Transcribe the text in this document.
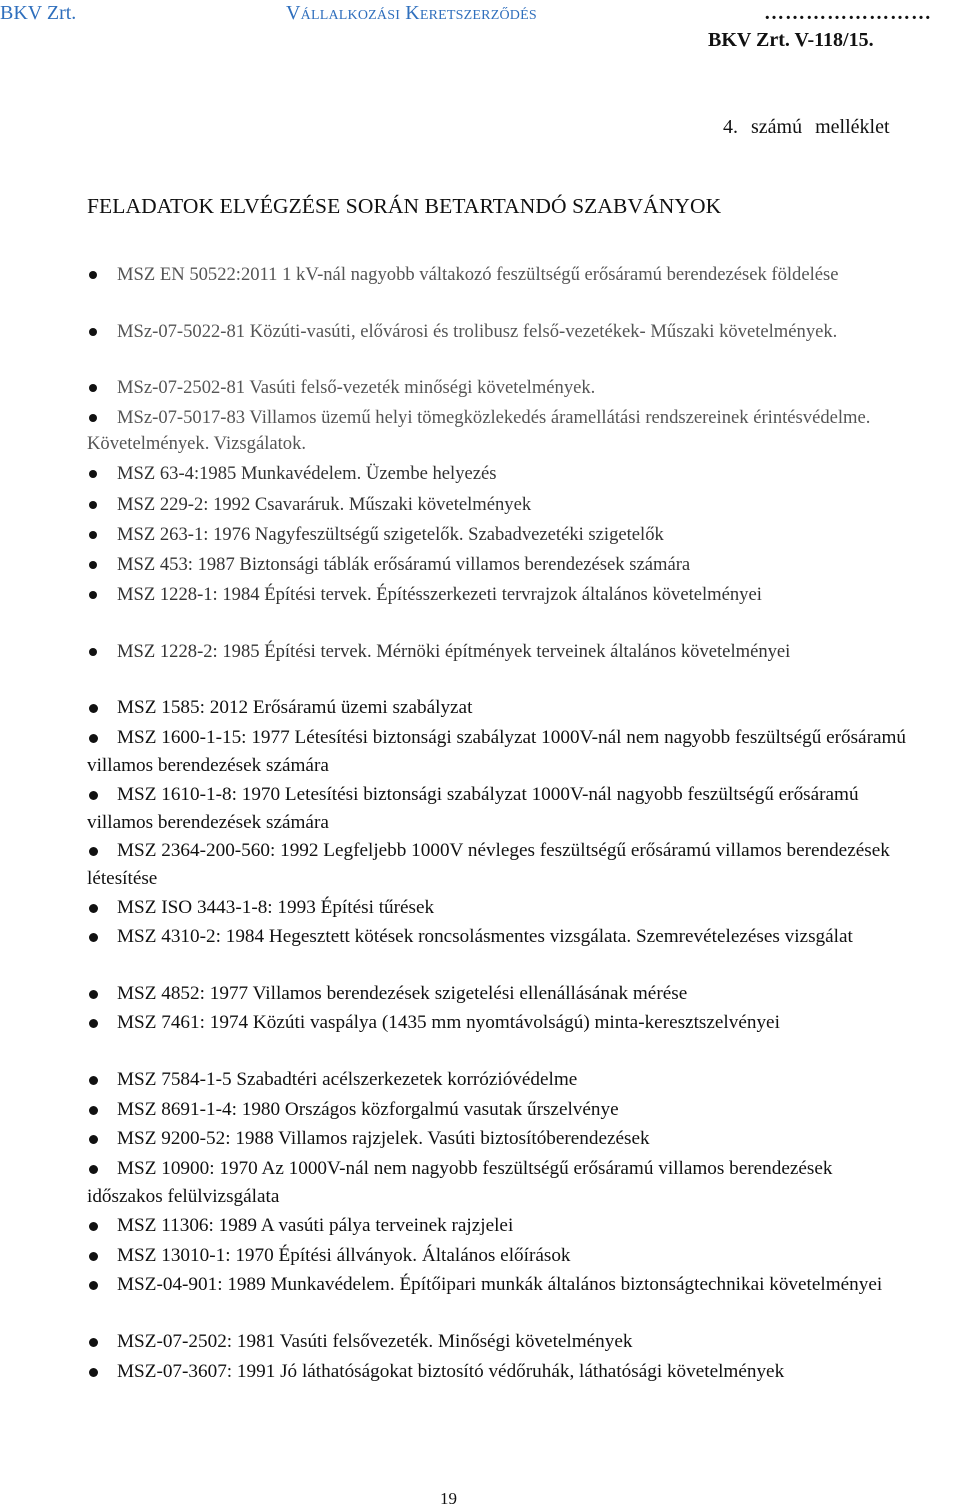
BKV Zrt.	Vállalkozási Keretszerződés	……………………
BKV Zrt. V-118/15.
4. számú melléklet
FELADATOK ELVÉGZÉSE SORÁN BETARTANDÓ SZABVÁNYOK
MSZ EN 50522:2011 1 kV-nál nagyobb váltakozó feszültségű erősáramú berendezések földelése
MSz-07-5022-81 Közúti-vasúti, elővárosi és trolibusz felső-vezetékek- Műszaki követelmények.
MSz-07-2502-81 Vasúti felső-vezeték minőségi követelmények.
MSz-07-5017-83 Villamos üzemű helyi tömegközlekedés áramellátási rendszereinek érintésvédelme. Követelmények. Vizsgálatok.
MSZ 63-4:1985 Munkavédelem. Üzembe helyezés
MSZ 229-2: 1992 Csavaráruk. Műszaki követelmények
MSZ 263-1: 1976 Nagyfeszültségű szigetelők. Szabadvezetéki szigetelők
MSZ 453: 1987 Biztonsági táblák erősáramú villamos berendezések számára
MSZ 1228-1: 1984 Építési tervek. Építésszerkezeti tervrajzok általános követelményei
MSZ 1228-2: 1985 Építési tervek. Mérnöki építmények terveinek általános követelményei
MSZ 1585: 2012 Erősáramú üzemi szabályzat
MSZ 1600-1-15: 1977 Létesítési biztonsági szabályzat 1000V-nál nem nagyobb feszültségű erősáramú villamos berendezések számára
MSZ 1610-1-8: 1970 Letesítési biztonsági szabályzat 1000V-nál nagyobb feszültségű erősáramú villamos berendezések számára
MSZ 2364-200-560: 1992 Legfeljebb 1000V névleges feszültségű erősáramú villamos berendezések létesítése
MSZ ISO 3443-1-8: 1993 Építési tűrések
MSZ 4310-2: 1984 Hegesztett kötések roncsolásmentes vizsgálata. Szemrevételezéses vizsgálat
MSZ 4852: 1977 Villamos berendezések szigetelési ellenállásának mérése
MSZ 7461: 1974 Közúti vaspálya (1435 mm nyomtávolságú) minta-keresztszelvényei
MSZ 7584-1-5 Szabadtéri acélszerkezetek korrózióvédelme
MSZ 8691-1-4: 1980 Országos közforgalmú vasutak űrszelvénye
MSZ 9200-52: 1988 Villamos rajzjelek. Vasúti biztosítóberendezések
MSZ 10900: 1970 Az 1000V-nál nem nagyobb feszültségű erősáramú villamos berendezések időszakos felülvizsgálata
MSZ 11306: 1989 A vasúti pálya terveinek rajzjelei
MSZ 13010-1: 1970 Építési állványok. Általános előírások
MSZ-04-901: 1989 Munkavédelem. Építőipari munkák általános biztonságtechnikai követelményei
MSZ-07-2502: 1981 Vasúti felsővezeték. Minőségi követelmények
MSZ-07-3607: 1991 Jó láthatóságokat biztosító védőruhák, láthatósági követelmények
19
